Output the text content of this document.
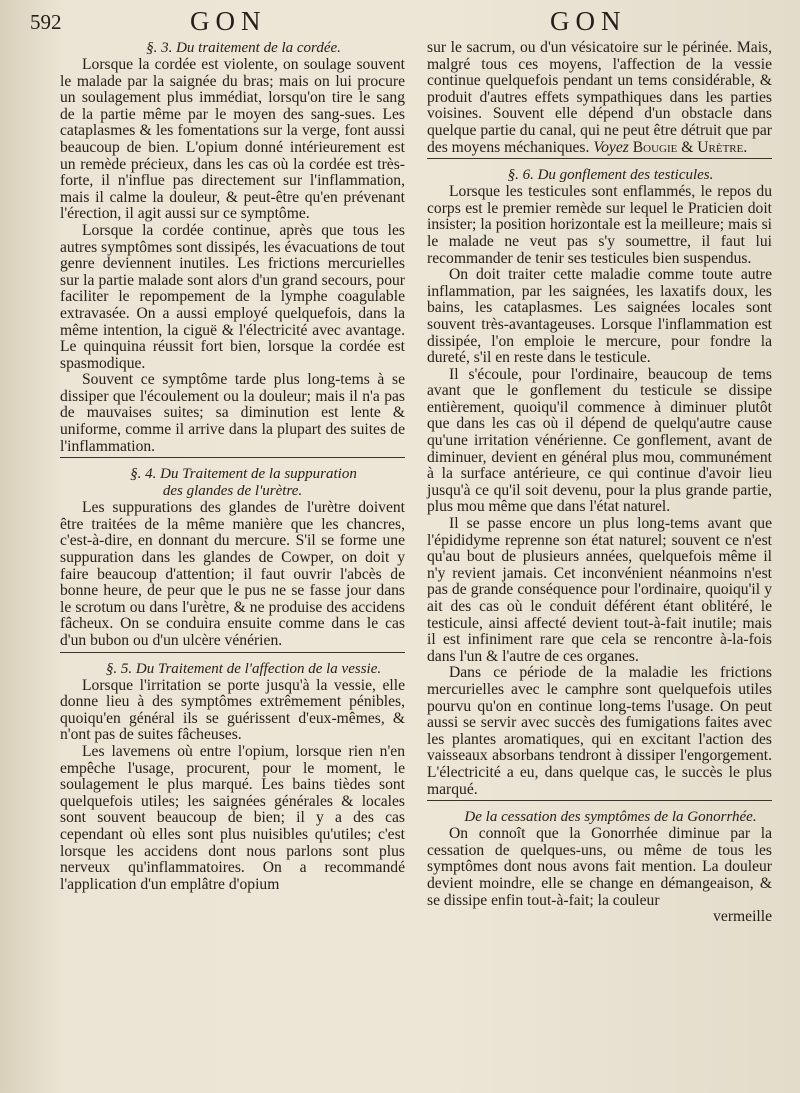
592	GON	GON

§. 3. Du traitement de la cordée.

Lorsque la cordée est violente, on soulage souvent le malade par la saignée du bras; mais on lui procure un soulagement plus immédiat, lorsqu'on tire le sang de la partie même par le moyen des sang-sues. Les cataplasmes & les fomentations sur la verge, font aussi beaucoup de bien. L'opium donné intérieurement est un remède précieux, dans les cas où la cordée est très-forte, il n'influe pas directement sur l'inflammation, mais il calme la douleur, & peut-être qu'en prévenant l'érection, il agit aussi sur ce symptôme.

Lorsque la cordée continue, après que tous les autres symptômes sont dissipés, les évacuations de tout genre deviennent inutiles. Les frictions mercurielles sur la partie malade sont alors d'un grand secours, pour faciliter le repompement de la lymphe coagulable extravasée. On a aussi employé quelquefois, dans la même intention, la ciguë & l'électricité avec avantage. Le quinquina réussit fort bien, lorsque la cordée est spasmodique.

Souvent ce symptôme tarde plus long-tems à se dissiper que l'écoulement ou la douleur; mais il n'a pas de mauvaises suites; sa diminution est lente & uniforme, comme il arrive dans la plupart des suites de l'inflammation.

§. 4. Du Traitement de la suppuration
des glandes de l'urètre.

Les suppurations des glandes de l'urètre doivent être traitées de la même manière que les chancres, c'est-à-dire, en donnant du mercure. S'il se forme une suppuration dans les glandes de Cowper, on doit y faire beaucoup d'attention; il faut ouvrir l'abcès de bonne heure, de peur que le pus ne se fasse jour dans le scrotum ou dans l'urètre, & ne produise des accidens fâcheux. On se conduira ensuite comme dans le cas d'un bubon ou d'un ulcère vénérien.

§. 5. Du Traitement de l'affection de la vessie.

Lorsque l'irritation se porte jusqu'à la vessie, elle donne lieu à des symptômes extrêmement pénibles, quoiqu'en général ils se guérissent d'eux-mêmes, & n'ont pas de suites fâcheuses.

Les lavemens où entre l'opium, lorsque rien n'en empêche l'usage, procurent, pour le moment, le soulagement le plus marqué. Les bains tièdes sont quelquefois utiles; les saignées générales & locales sont souvent beaucoup de bien; il y a des cas cependant où elles sont plus nuisibles qu'utiles; c'est lorsque les accidens dont nous parlons sont plus nerveux qu'inflammatoires. On a recommandé l'application d'un emplâtre d'opium

sur le sacrum, ou d'un vésicatoire sur le périnée. Mais, malgré tous ces moyens, l'affection de la vessie continue quelquefois pendant un tems considérable, & produit d'autres effets sympathiques dans les parties voisines. Souvent elle dépend d'un obstacle dans quelque partie du canal, qui ne peut être détruit que par des moyens méchaniques. Voyez Bougie & Urètre.

§. 6. Du gonflement des testicules.

Lorsque les testicules sont enflammés, le repos du corps est le premier remède sur lequel le Praticien doit insister; la position horizontale est la meilleure; mais si le malade ne veut pas s'y soumettre, il faut lui recommander de tenir ses testicules bien suspendus.

On doit traiter cette maladie comme toute autre inflammation, par les saignées, les laxatifs doux, les bains, les cataplasmes. Les saignées locales sont souvent très-avantageuses. Lorsque l'inflammation est dissipée, l'on emploie le mercure, pour fondre la dureté, s'il en reste dans le testicule.

Il s'écoule, pour l'ordinaire, beaucoup de tems avant que le gonflement du testicule se dissipe entièrement, quoiqu'il commence à diminuer plutôt que dans les cas où il dépend de quelqu'autre cause qu'une irritation vénérienne. Ce gonflement, avant de diminuer, devient en général plus mou, communément à la surface antérieure, ce qui continue d'avoir lieu jusqu'à ce qu'il soit devenu, pour la plus grande partie, plus mou même que dans l'état naturel.

Il se passe encore un plus long-tems avant que l'épididyme reprenne son état naturel; souvent ce n'est qu'au bout de plusieurs années, quelquefois même il n'y revient jamais. Cet inconvénient néanmoins n'est pas de grande conséquence pour l'ordinaire, quoiqu'il y ait des cas où le conduit déférent étant oblitéré, le testicule, ainsi affecté devient tout-à-fait inutile; mais il est infiniment rare que cela se rencontre à-la-fois dans l'un & l'autre de ces organes.

Dans ce période de la maladie les frictions mercurielles avec le camphre sont quelquefois utiles pourvu qu'on en continue long-tems l'usage. On peut aussi se servir avec succès des fumigations faites avec les plantes aromatiques, qui en excitant l'action des vaisseaux absorbans tendront à dissiper l'engorgement. L'électricité a eu, dans quelque cas, le succès le plus marqué.

De la cessation des symptômes de la Gonorrhée.

On connoît que la Gonorrhée diminue par la cessation de quelques-uns, ou même de tous les symptômes dont nous avons fait mention. La douleur devient moindre, elle se change en démangeaison, & se dissipe enfin tout-à-fait; la couleur

vermeille
